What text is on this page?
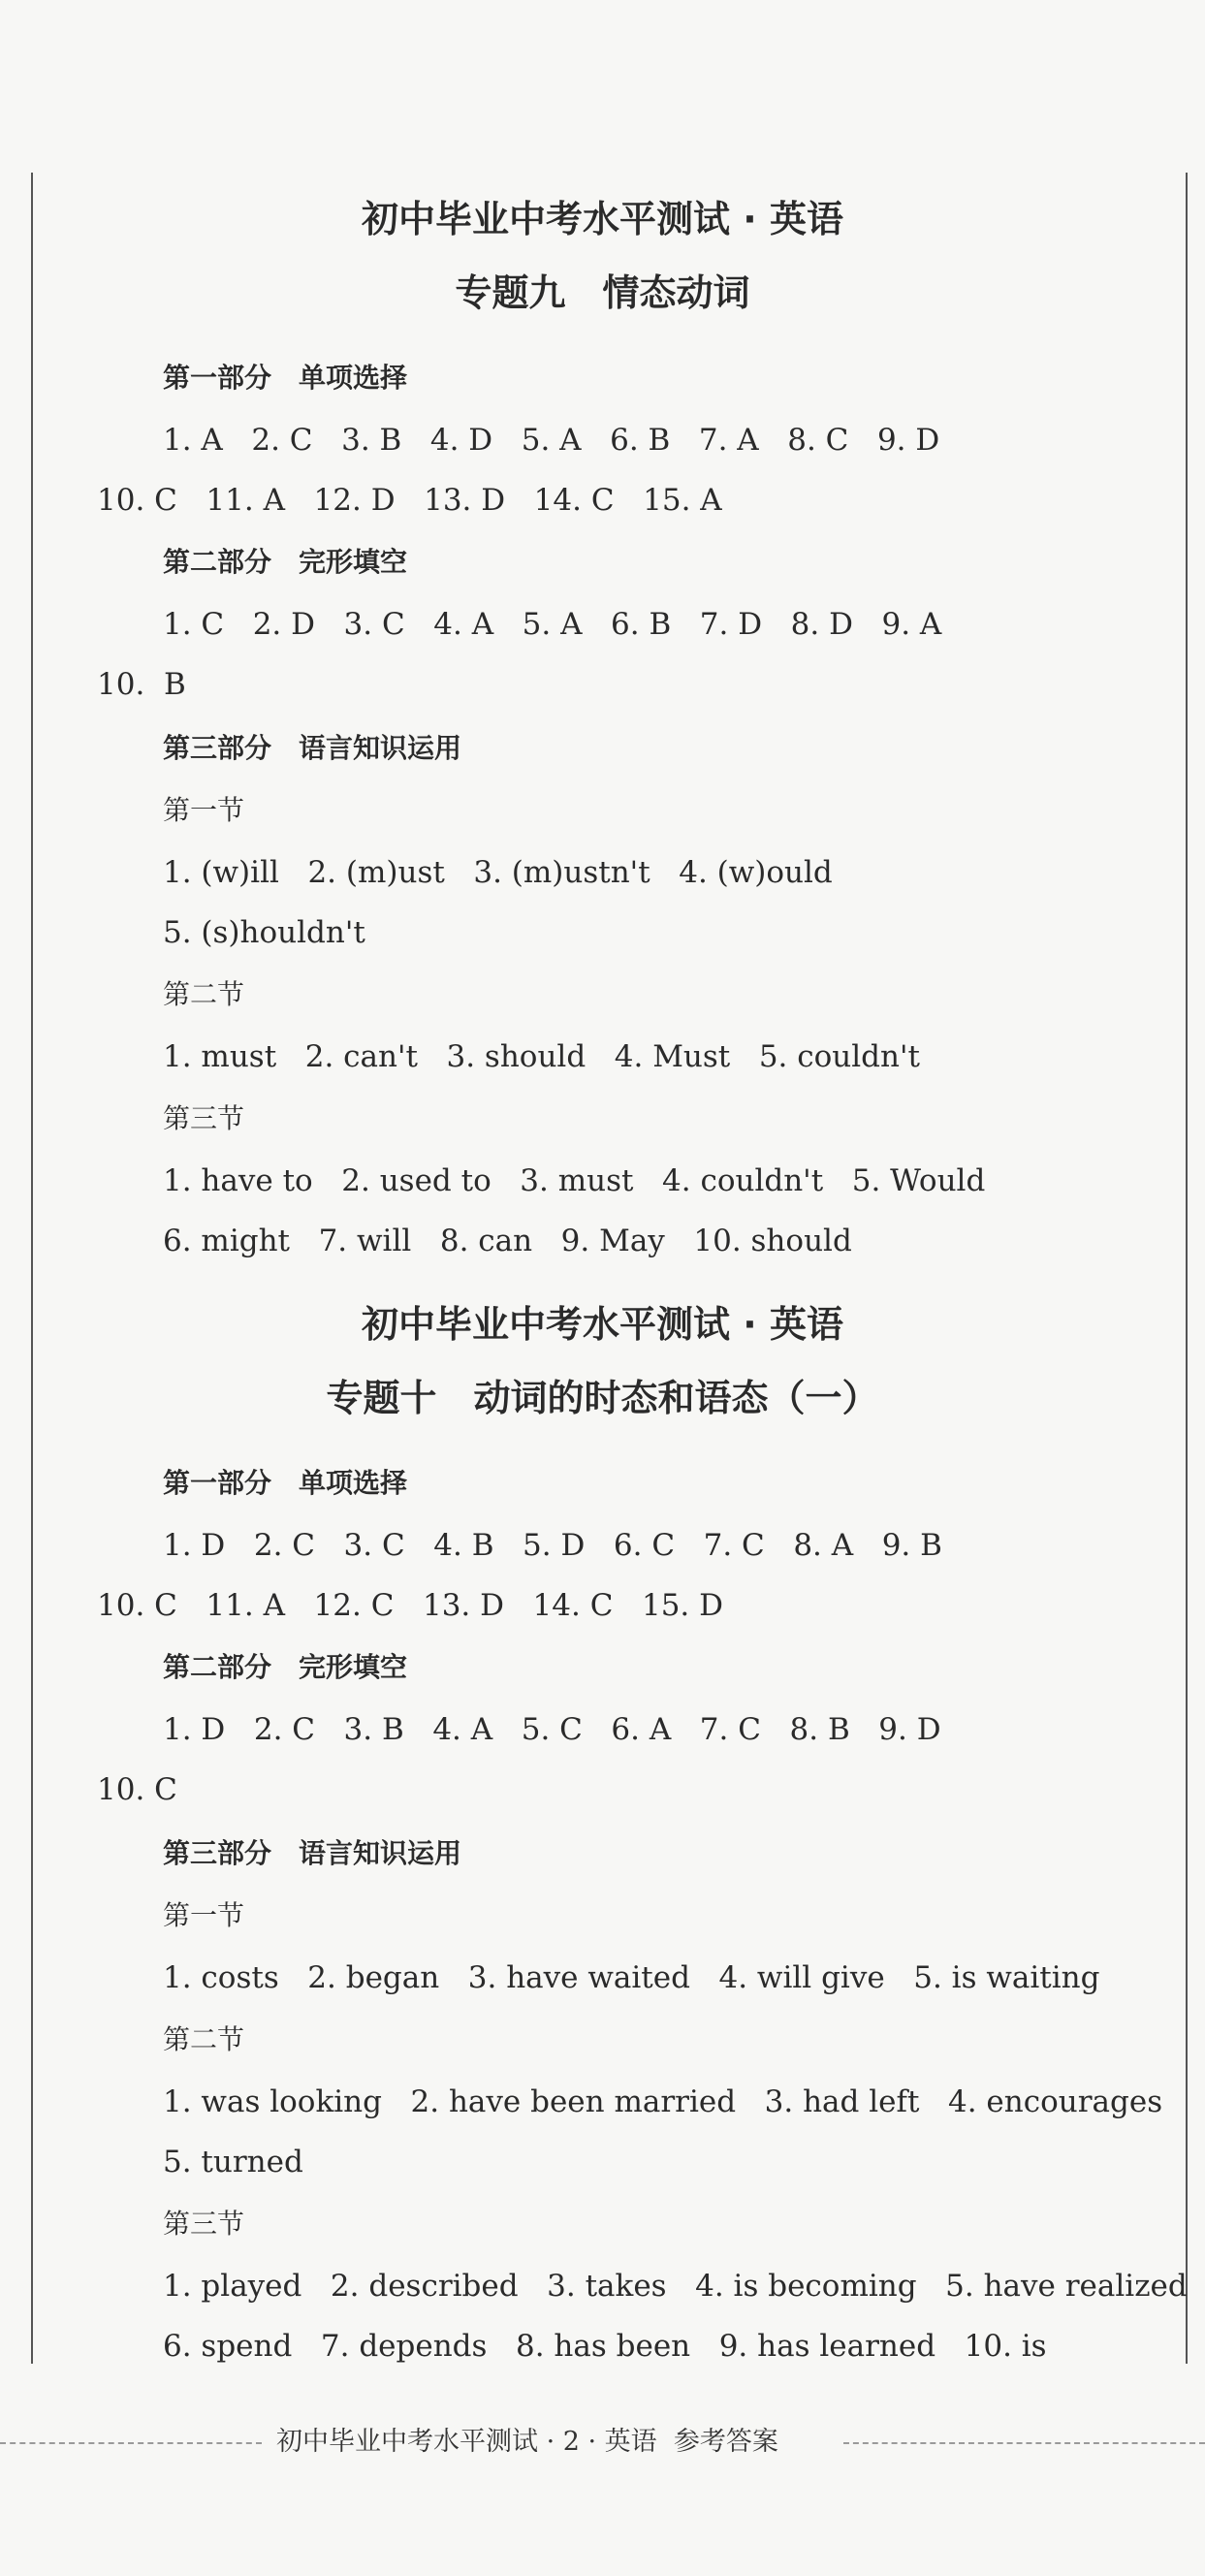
初中毕业中考水平测试 · 英语
专题九　情态动词
第一部分　单项选择
1. A   2. C   3. B   4. D   5. A   6. B   7. A   8. C   9. D
10. C   11. A   12. D   13. D   14. C   15. A
第二部分　完形填空
1. C   2. D   3. C   4. A   5. A   6. B   7. D   8. D   9. A
10.  B
第三部分　语言知识运用
第一节
1. (w)ill   2. (m)ust   3. (m)ustn't   4. (w)ould
5. (s)houldn't
第二节
1. must   2. can't   3. should   4. Must   5. couldn't
第三节
1. have to   2. used to   3. must   4. couldn't   5. Would
6. might   7. will   8. can   9. May   10. should
初中毕业中考水平测试 · 英语
专题十　动词的时态和语态（一）
第一部分　单项选择
1. D   2. C   3. C   4. B   5. D   6. C   7. C   8. A   9. B
10. C   11. A   12. C   13. D   14. C   15. D
第二部分　完形填空
1. D   2. C   3. B   4. A   5. C   6. A   7. C   8. B   9. D
10. C
第三部分　语言知识运用
第一节
1. costs   2. began   3. have waited   4. will give   5. is waiting
第二节
1. was looking   2. have been married   3. had left   4. encourages
5. turned
第三节
1. played   2. described   3. takes   4. is becoming   5. have realized
6. spend   7. depends   8. has been   9. has learned   10. is
初中毕业中考水平测试 · 2 · 英语  参考答案
